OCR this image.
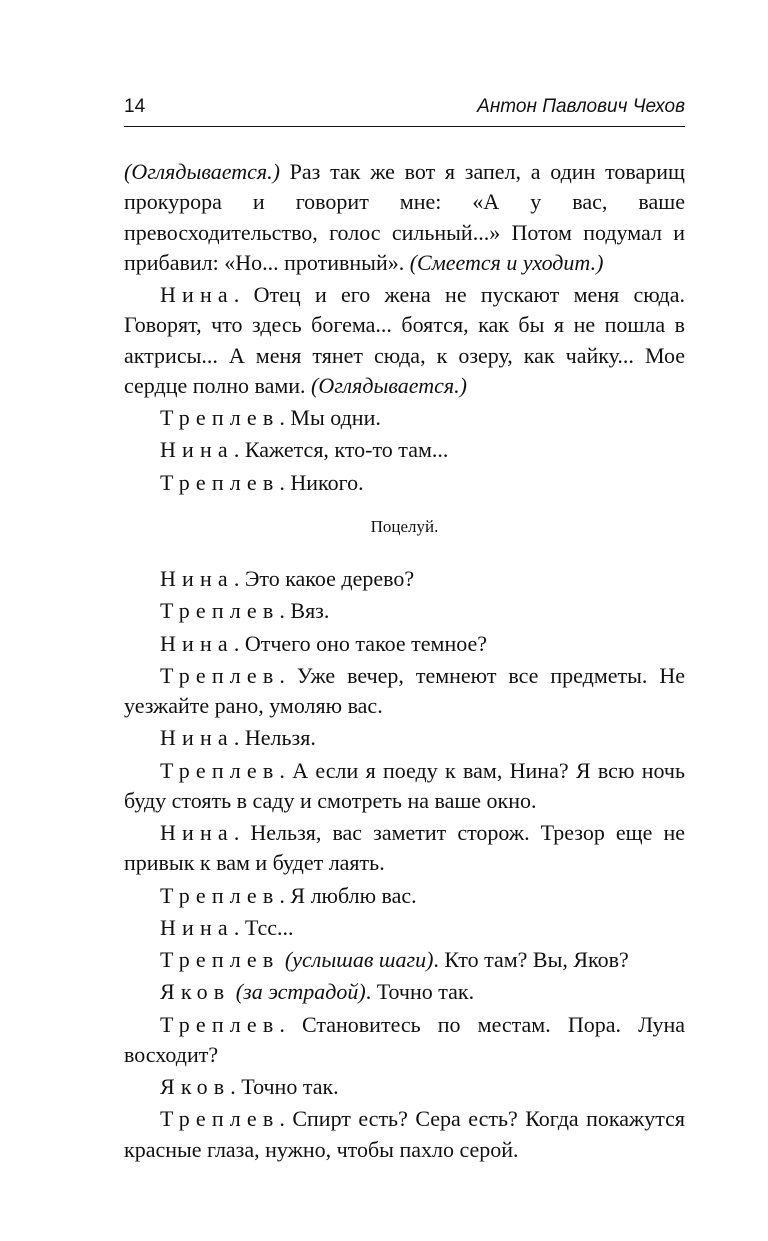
14	Антон Павлович Чехов

(Оглядывается.) Раз так же вот я запел, а один товарищ прокурора и говорит мне: «А у вас, ваше превосходительство, голос сильный...» Потом подумал и прибавил: «Но... противный». (Смеется и уходит.)

Нина. Отец и его жена не пускают меня сюда. Говорят, что здесь богема... боятся, как бы я не пошла в актрисы... А меня тянет сюда, к озеру, как чайку... Мое сердце полно вами. (Оглядывается.)

Треплев. Мы одни.

Нина. Кажется, кто-то там...

Треплев. Никого.

Поцелуй.

Нина. Это какое дерево?

Треплев. Вяз.

Нина. Отчего оно такое темное?

Треплев. Уже вечер, темнеют все предметы. Не уезжайте рано, умоляю вас.

Нина. Нельзя.

Треплев. А если я поеду к вам, Нина? Я всю ночь буду стоять в саду и смотреть на ваше окно.

Нина. Нельзя, вас заметит сторож. Трезор еще не привык к вам и будет лаять.

Треплев. Я люблю вас.

Нина. Тсс...

Треплев (услышав шаги). Кто там? Вы, Яков?

Яков (за эстрадой). Точно так.

Треплев. Становитесь по местам. Пора. Луна восходит?

Яков. Точно так.

Треплев. Спирт есть? Сера есть? Когда покажутся красные глаза, нужно, чтобы пахло серой.
